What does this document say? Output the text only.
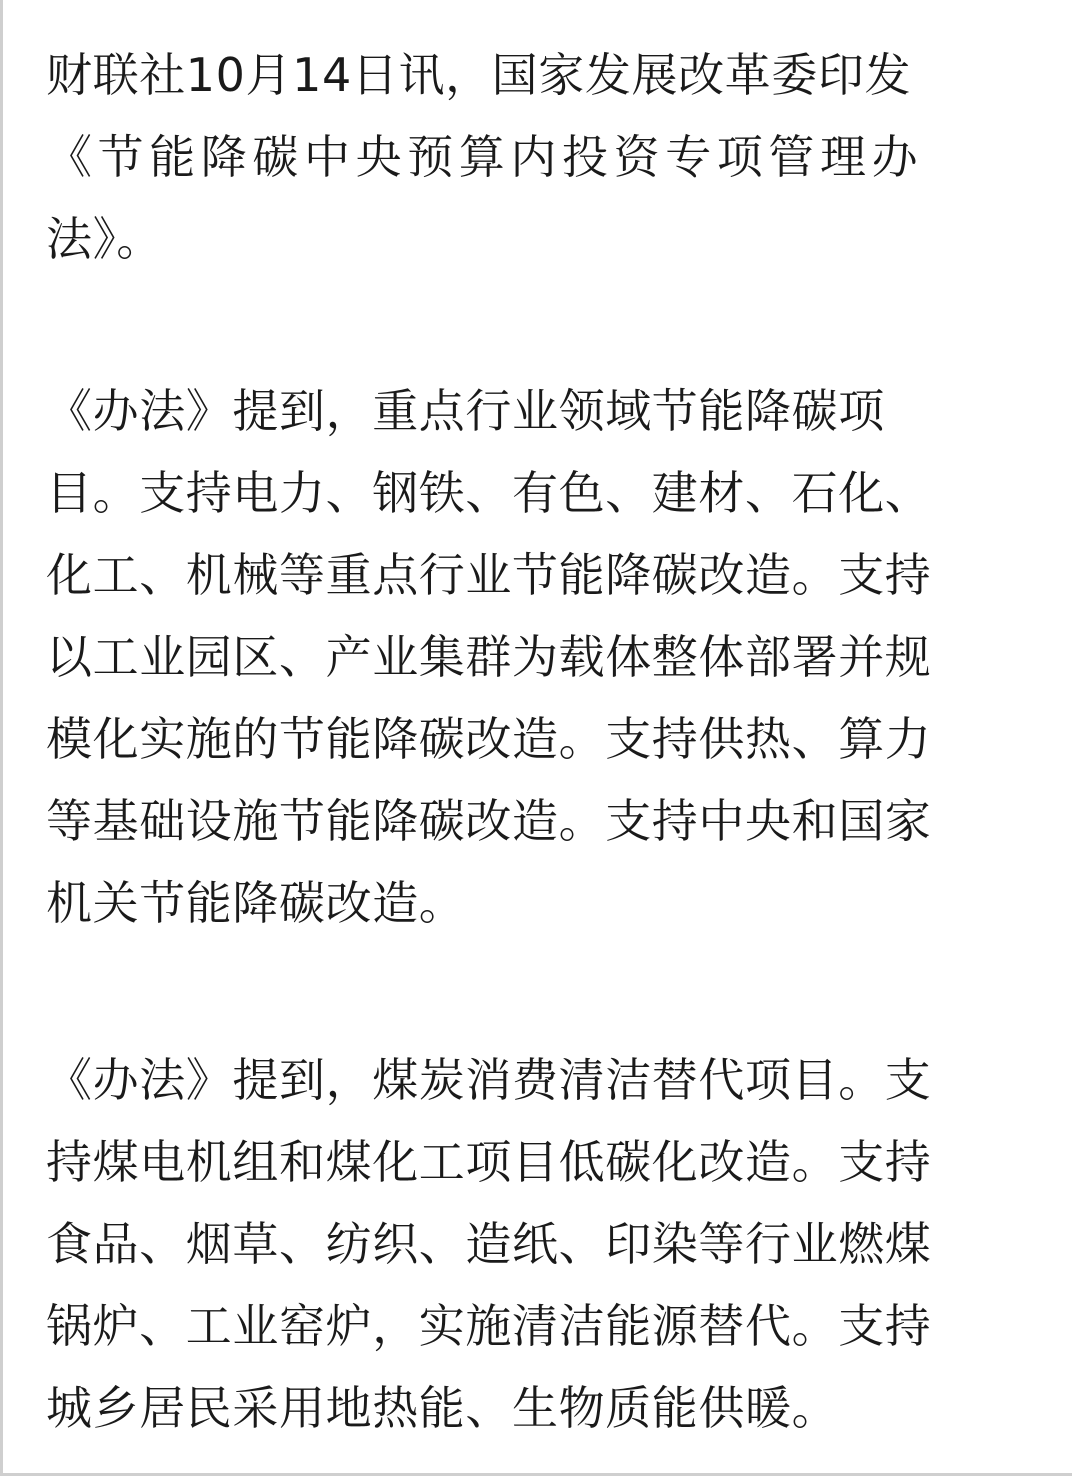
财联社10月14日讯，国家发展改革委印发
《节能降碳中央预算内投资专项管理办
法》。
《办法》提到，重点行业领域节能降碳项
目。支持电力、钢铁、有色、建材、石化、
化工、机械等重点行业节能降碳改造。支持
以工业园区、产业集群为载体整体部署并规
模化实施的节能降碳改造。支持供热、算力
等基础设施节能降碳改造。支持中央和国家
机关节能降碳改造。
《办法》提到，煤炭消费清洁替代项目。支
持煤电机组和煤化工项目低碳化改造。支持
食品、烟草、纺织、造纸、印染等行业燃煤
锅炉、工业窑炉，实施清洁能源替代。支持
城乡居民采用地热能、生物质能供暖。
